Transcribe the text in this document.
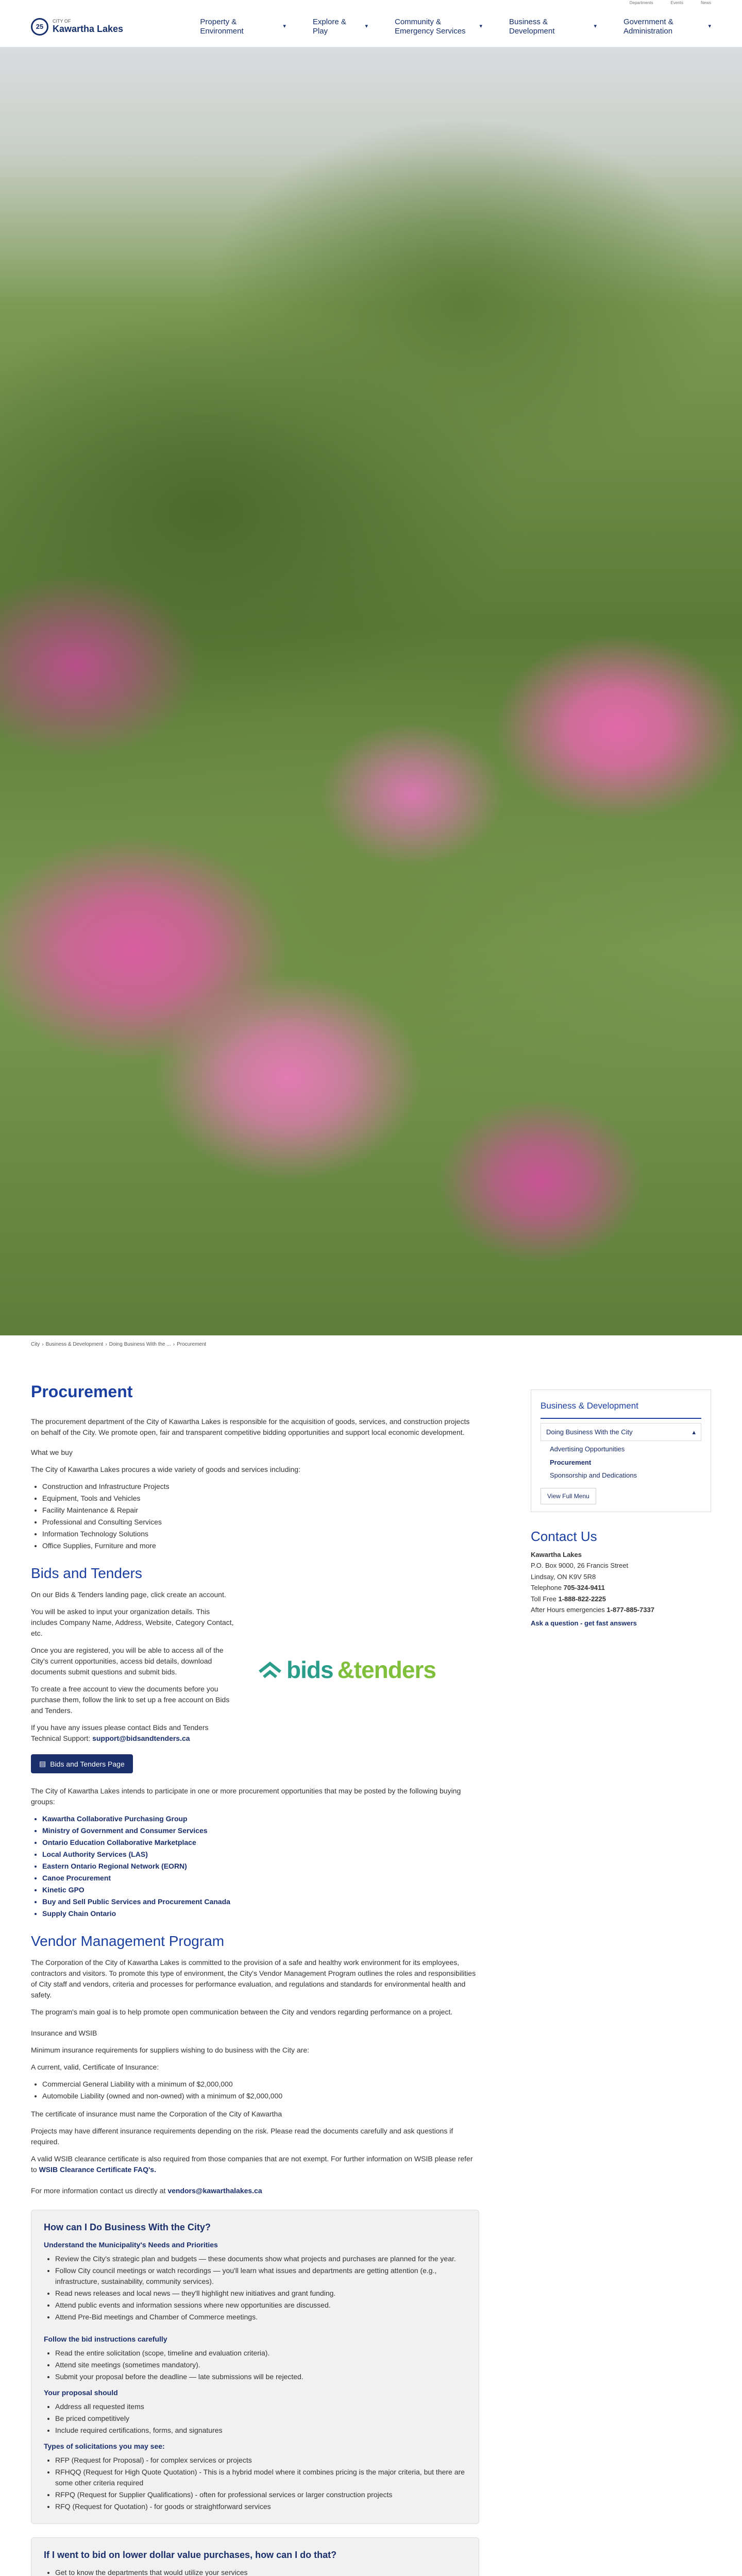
Departments	Events	News
25
CITY OF
Kawartha Lakes
Property & Environment
▾
Explore & Play
▾
Community & Emergency Services
▾
Business & Development
▾
Government & Administration
▾
City › Business & Development › Doing Business With the ... › Procurement
Procurement

The procurement department of the City of Kawartha Lakes is responsible for the acquisition of goods, services, and construction projects on behalf of the City. We promote open, fair and transparent competitive bidding opportunities and support local economic development.

What we buy

The City of Kawartha Lakes procures a wide variety of goods and services including:

• Construction and Infrastructure Projects
• Equipment, Tools and Vehicles
• Facility Maintenance & Repair
• Professional and Consulting Services
• Information Technology Solutions
• Office Supplies, Furniture and more
Bids and Tenders

On our Bids & Tenders landing page, click create an account.

You will be asked to input your organization details. This includes Company Name, Address, Website, Category Contact, etc.

Once you are registered, you will be able to access all of the City's current opportunities, access bid details, download documents submit questions and submit bids.

To create a free account to view the documents before you purchase them, follow the link to set up a free account on Bids and Tenders.

If you have any issues please contact Bids and Tenders Technical Support: support@bidsandtenders.ca

bids &tenders
▤ Bids and Tenders Page

The City of Kawartha Lakes intends to participate in one or more procurement opportunities that may be posted by the following buying groups:

• Kawartha Collaborative Purchasing Group
• Ministry of Government and Consumer Services
• Ontario Education Collaborative Marketplace
• Local Authority Services (LAS)
• Eastern Ontario Regional Network (EORN)
• Canoe Procurement
• Kinetic GPO
• Buy and Sell Public Services and Procurement Canada
• Supply Chain Ontario
Vendor Management Program

The Corporation of the City of Kawartha Lakes is committed to the provision of a safe and healthy work environment for its employees, contractors and visitors. To promote this type of environment, the City's Vendor Management Program outlines the roles and responsibilities of City staff and vendors, criteria and processes for performance evaluation, and regulations and standards for environmental health and safety.

The program's main goal is to help promote open communication between the City and vendors regarding performance on a project.

Insurance and WSIB

Minimum insurance requirements for suppliers wishing to do business with the City are:

A current, valid, Certificate of Insurance:

• Commercial General Liability with a minimum of $2,000,000
• Automobile Liability (owned and non-owned) with a minimum of $2,000,000

The certificate of insurance must name the Corporation of the City of Kawartha

Projects may have different insurance requirements depending on the risk. Please read the documents carefully and ask questions if required.

A valid WSIB clearance certificate is also required from those companies that are not exempt. For further information on WSIB please refer to WSIB Clearance Certificate FAQ's.

For more information contact us directly at vendors@kawarthalakes.ca

How can I Do Business With the City?
Understand the Municipality's Needs and Priorities
• Review the City's strategic plan and budgets — these documents show what projects and purchases are planned for the year.
• Follow City council meetings or watch recordings — you'll learn what issues and departments are getting attention (e.g., infrastructure, sustainability, community services).
• Read news releases and local news — they'll highlight new initiatives and grant funding.
• Attend public events and information sessions where new opportunities are discussed.
• Attend Pre-Bid meetings and Chamber of Commerce meetings.
Follow the bid instructions carefully
• Read the entire solicitation (scope, timeline and evaluation criteria).
• Attend site meetings (sometimes mandatory).
• Submit your proposal before the deadline — late submissions will be rejected.
Your proposal should
• Address all requested items
• Be priced competitively
• Include required certifications, forms, and signatures
Types of solicitations you may see:
• RFP (Request for Proposal) - for complex services or projects
• RFHQQ (Request for High Quote Quotation) - This is a hybrid model where it combines pricing is the major criteria, but there are some other criteria required
• RFPQ (Request for Supplier Qualifications) - often for professional services or larger construction projects
• RFQ (Request for Quotation) - for goods or straightforward services
If I went to bid on lower dollar value purchases, how can I do that?
• Get to know the departments that would utilize your services
Business & Development
Doing Business With the City	▴
Advertising Opportunities
Procurement
Sponsorship and Dedications
View Full Menu
Contact Us

Kawartha Lakes

P.O. Box 9000, 26 Francis Street

Lindsay, ON K9V 5R8

Telephone 705-324-9411

Toll Free 1-888-822-2225

After Hours emergencies 1-877-885-7337

Ask a question - get fast answers
